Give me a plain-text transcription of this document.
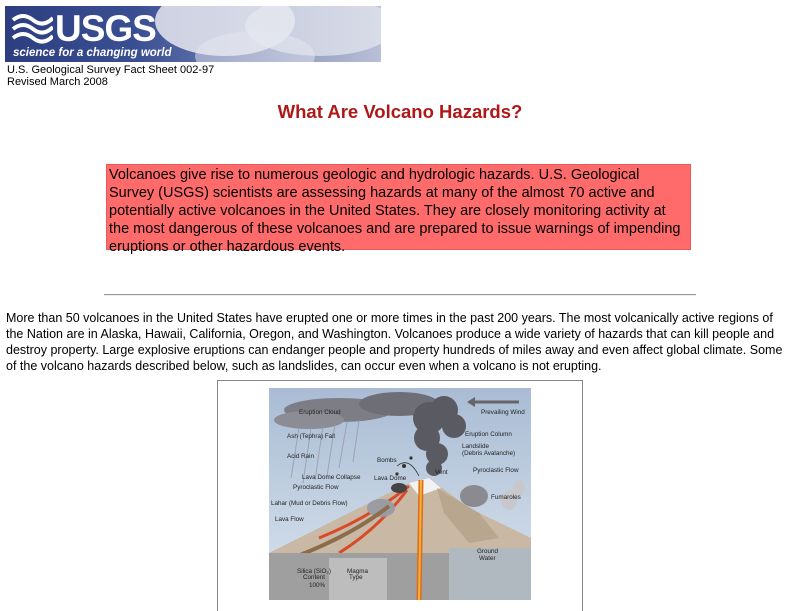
USGS
science for a changing world
U.S. Geological Survey Fact Sheet 002-97
Revised March 2008
What Are Volcano Hazards?
Volcanoes give rise to numerous geologic and hydrologic hazards. U.S. Geological Survey (USGS) scientists are assessing hazards at many of the almost 70 active and potentially active volcanoes in the United States. They are closely monitoring activity at the most dangerous of these volcanoes and are prepared to issue warnings of impending eruptions or other hazardous events.
More than 50 volcanoes in the United States have erupted one or more times in the past 200 years. The most volcanically active regions of the Nation are in Alaska, Hawaii, California, Oregon, and Washington. Volcanoes produce a wide variety of hazards that can kill people and destroy property. Large explosive eruptions can endanger people and property hundreds of miles away and even affect global climate. Some of the volcano hazards described below, such as landslides, can occur even when a volcano is not erupting.
Eruption Cloud	Prevailing Wind
Ash (Tephra) Fall	Eruption Column
Acid Rain
Landslide
(Debris Avalanche)
Bombs
Lava Dome Collapse Lava Dome
Vent	Pyroclastic Flow
Pyroclastic Flow
Fumaroles
Lahar (Mud or Debris Flow)
Lava Flow
Ground
Water
Silica (SiO₂)
Content
Magma
Type
100%
